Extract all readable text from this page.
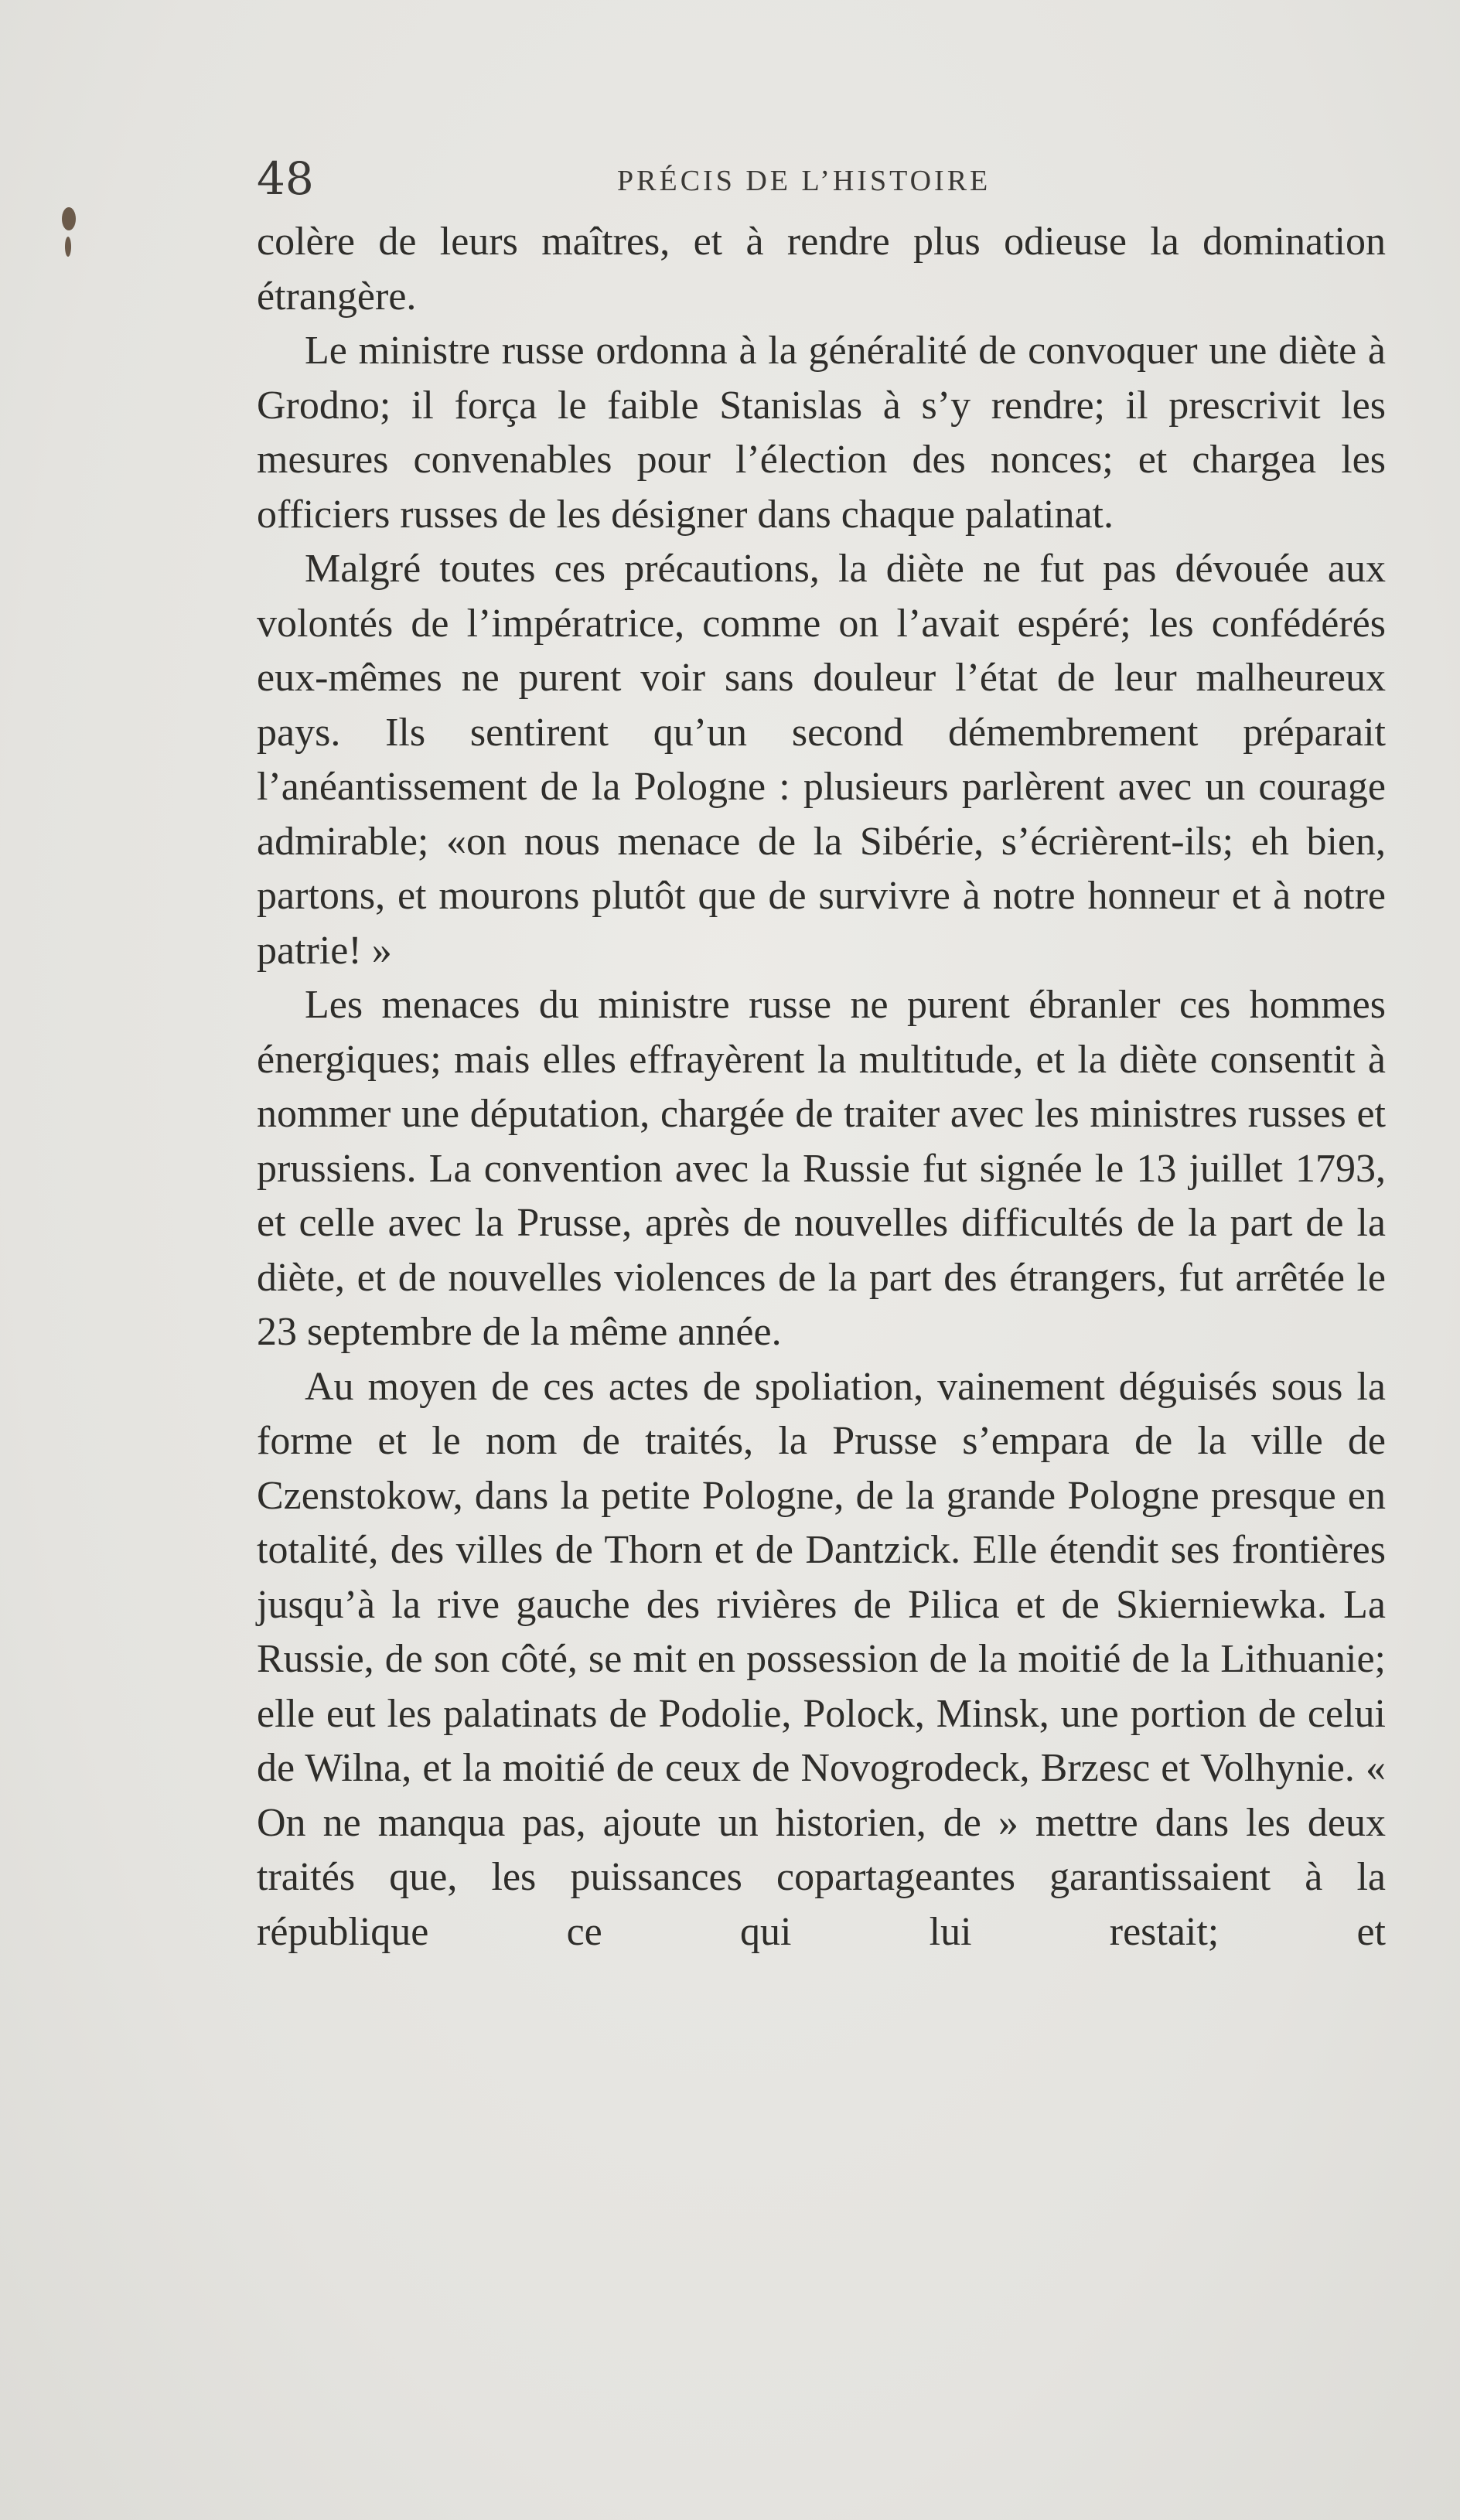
48	PRÉCIS DE L’HISTOIRE

colère de leurs maîtres, et à rendre plus odieuse la domination étrangère.

Le ministre russe ordonna à la généralité de convoquer une diète à Grodno; il força le faible Stanislas à s’y rendre; il prescrivit les mesures convenables pour l’élection des nonces; et chargea les officiers russes de les désigner dans chaque palatinat.

Malgré toutes ces précautions, la diète ne fut pas dévouée aux volontés de l’impératrice, comme on l’avait espéré; les confédérés eux-mêmes ne purent voir sans douleur l’état de leur malheureux pays. Ils sentirent qu’un second démembrement préparait l’anéantissement de la Pologne : plusieurs parlèrent avec un courage admirable; «on nous menace de la Sibérie, s’écrièrent-ils; eh bien, partons, et mourons plutôt que de survivre à notre honneur et à notre patrie! »

Les menaces du ministre russe ne purent ébranler ces hommes énergiques; mais elles effrayèrent la multitude, et la diète consentit à nommer une députation, chargée de traiter avec les ministres russes et prussiens. La convention avec la Russie fut signée le 13 juillet 1793, et celle avec la Prusse, après de nouvelles difficultés de la part de la diète, et de nouvelles violences de la part des étrangers, fut arrêtée le 23 septembre de la même année.

Au moyen de ces actes de spoliation, vainement déguisés sous la forme et le nom de traités, la Prusse s’empara de la ville de Czenstokow, dans la petite Pologne, de la grande Pologne presque en totalité, des villes de Thorn et de Dantzick. Elle étendit ses frontières jusqu’à la rive gauche des rivières de Pilica et de Skierniewka. La Russie, de son côté, se mit en possession de la moitié de la Lithuanie; elle eut les palatinats de Podolie, Polock, Minsk, une portion de celui de Wilna, et la moitié de ceux de Novogrodeck, Brzesc et Volhynie. « On ne manqua pas, ajoute un historien, de » mettre dans les deux traités que, les puissances copartageantes garantissaient à la république ce qui lui restait; et
